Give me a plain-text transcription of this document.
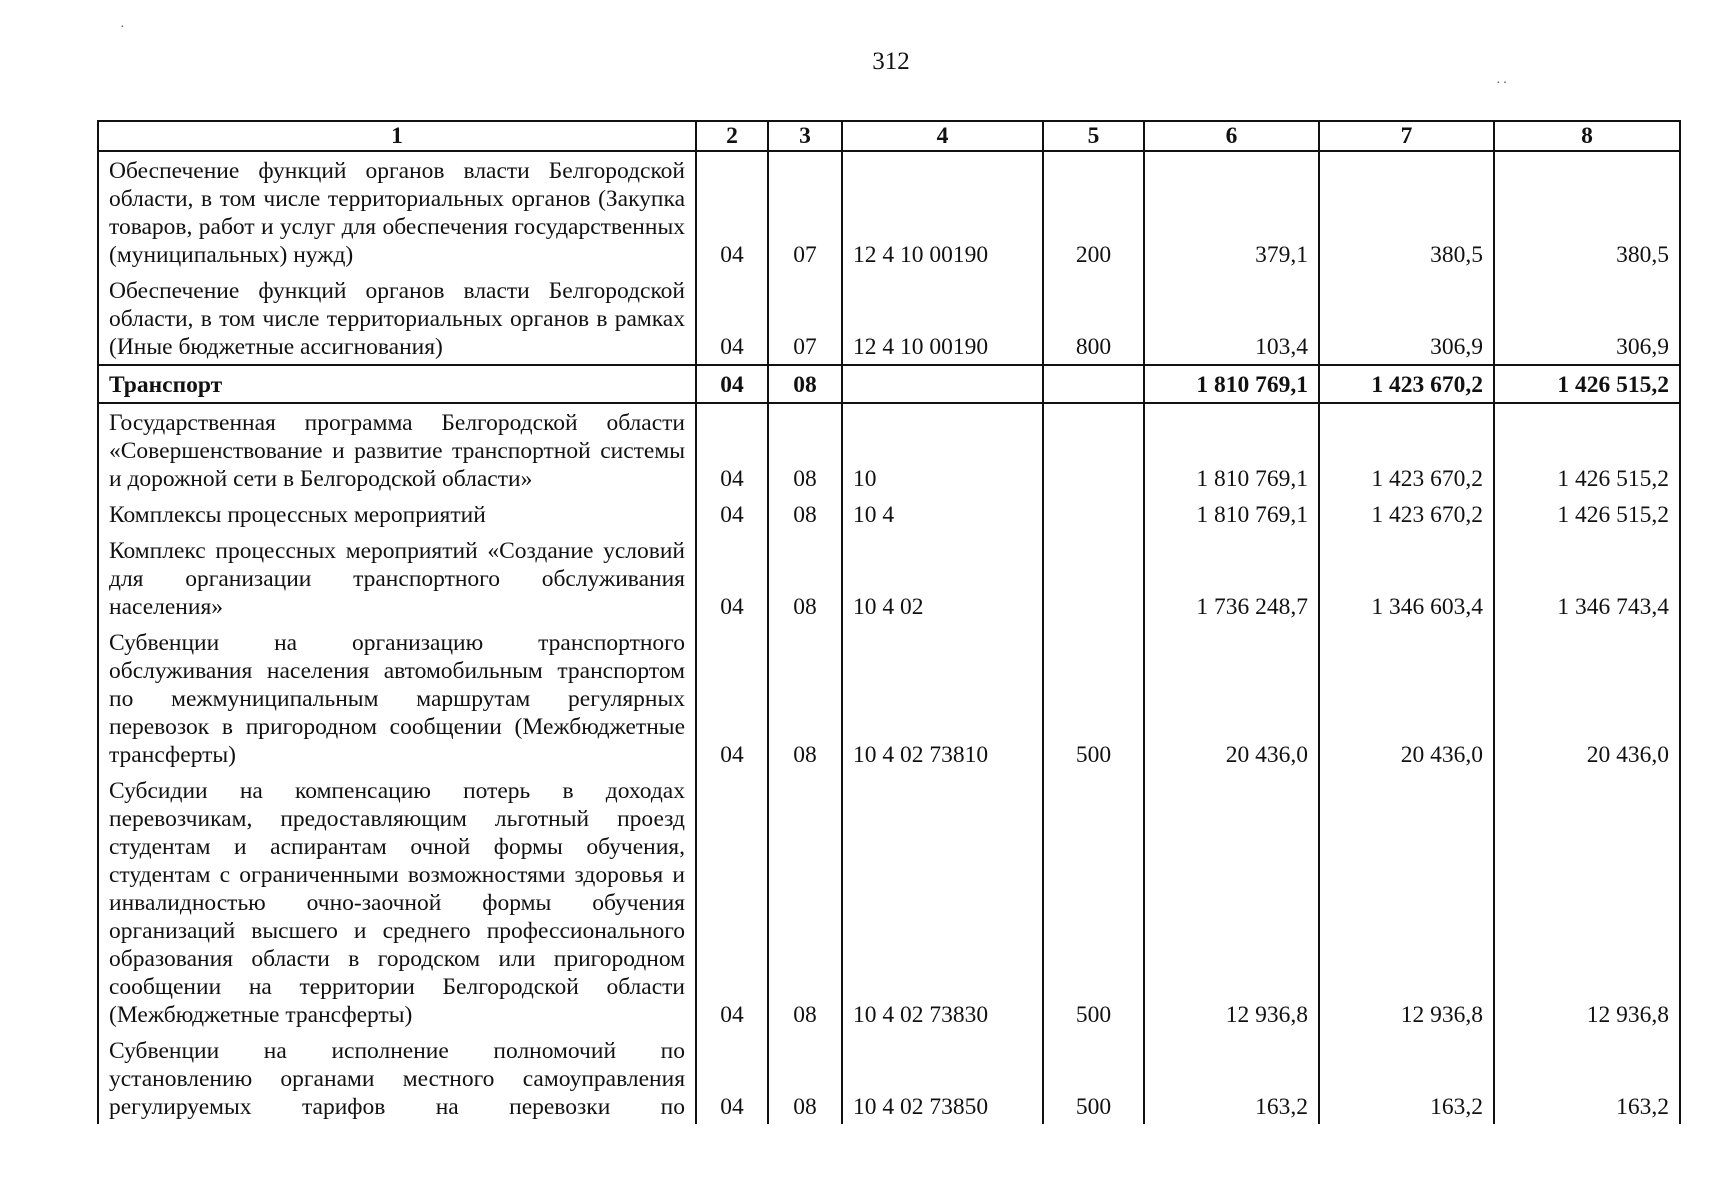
312
1	2	3	4	5	6	7	8
Обеспечение функций органов власти Белгородской области, в том числе территориальных органов (Закупка товаров, работ и услуг для обеспечения государственных (муниципальных) нужд)	04	07	12 4 10 00190	200	379,1	380,5	380,5
Обеспечение функций органов власти Белгородской области, в том числе территориальных органов в рамках (Иные бюджетные ассигнования)	04	07	12 4 10 00190	800	103,4	306,9	306,9
Транспорт	04	08			1 810 769,1	1 423 670,2	1 426 515,2
Государственная программа Белгородской области «Совершенствование и развитие транспортной системы и дорожной сети в Белгородской области»	04	08	10		1 810 769,1	1 423 670,2	1 426 515,2
Комплексы процессных мероприятий	04	08	10 4		1 810 769,1	1 423 670,2	1 426 515,2
Комплекс процессных мероприятий «Создание условий для организации транспортного обслуживания населения»	04	08	10 4 02		1 736 248,7	1 346 603,4	1 346 743,4
Субвенции на организацию транспортного обслуживания населения автомобильным транспортом по межмуниципальным маршрутам регулярных перевозок в пригородном сообщении (Межбюджетные трансферты)	04	08	10 4 02 73810	500	20 436,0	20 436,0	20 436,0
Субсидии на компенсацию потерь в доходах перевозчикам, предоставляющим льготный проезд студентам и аспирантам очной формы обучения, студентам с ограниченными возможностями здоровья и инвалидностью очно-заочной формы обучения организаций высшего и среднего профессионального образования области в городском или пригородном сообщении на территории Белгородской области (Межбюджетные трансферты)	04	08	10 4 02 73830	500	12 936,8	12 936,8	12 936,8

Субвенции на исполнение полномочий по
установлению органами местного самоуправления
регулируемых тарифов на перевозки по	04	08	10 4 02 73850	500	163,2	163,2	163,2
·
··
